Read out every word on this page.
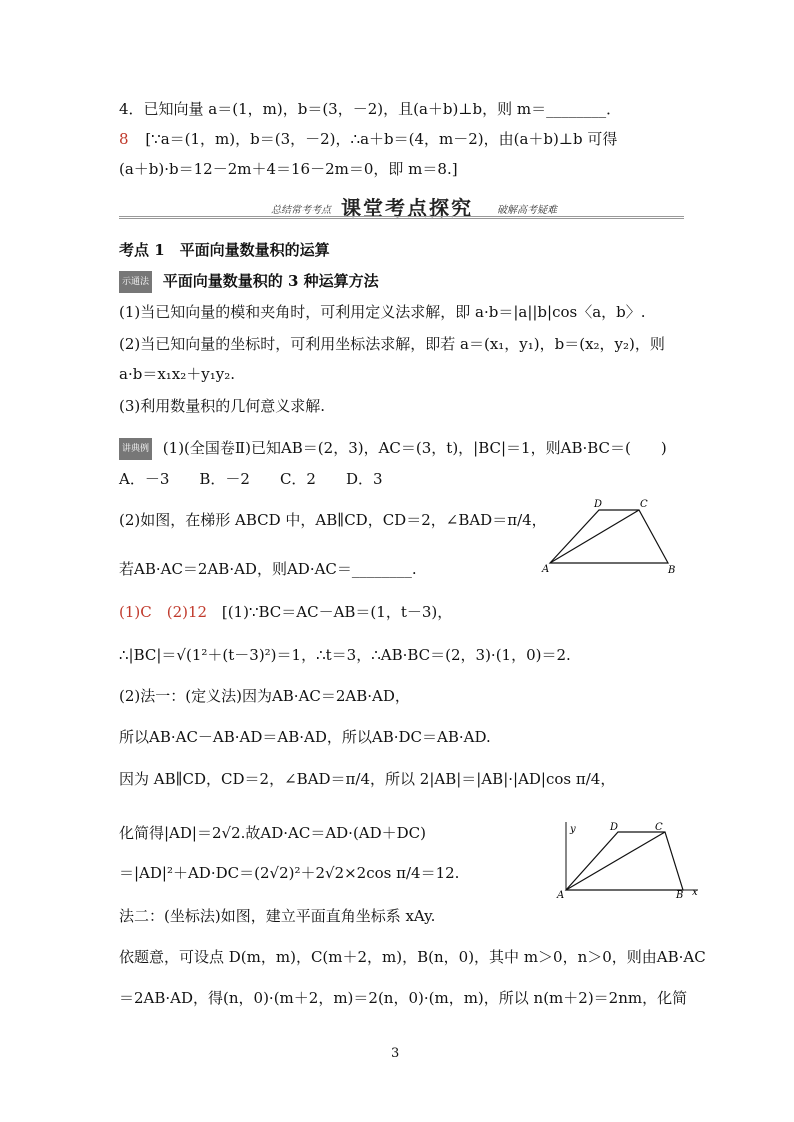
4．已知向量 a＝(1，m)，b＝(3，－2)，且(a＋b)⊥b，则 m＝________．
8 [∵a＝(1，m)，b＝(3，－2)，∴a＋b＝(4，m－2)，由(a＋b)⊥b 可得
(a＋b)·b＝12－2m＋4＝16－2m＝0，即 m＝8.]
总结常考考点 课堂考点探究 破解高考疑难
考点 1　平面向量数量积的运算
示通法 平面向量数量积的 3 种运算方法
(1)当已知向量的模和夹角时，可利用定义法求解，即 a·b＝|a||b|cos〈a，b〉.
(2)当已知向量的坐标时，可利用坐标法求解，即若 a＝(x₁，y₁)，b＝(x₂，y₂)，则
a·b＝x₁x₂＋y₁y₂.
(3)利用数量积的几何意义求解.
讲典例 (1)(全国卷Ⅱ)已知AB＝(2，3)，AC＝(3，t)，|BC|＝1，则AB·BC＝(　　)
A．－3　　B．－2　　C．2　　D．3
(2)如图，在梯形 ABCD 中，AB∥CD，CD＝2，∠BAD＝π/4，
若AB·AC＝2AB·AD，则AD·AC＝________.	A	B
C
D
(1)C　(2)12 [(1)∵BC＝AC－AB＝(1，t－3)，
∴|BC|＝√(1²＋(t－3)²)＝1，∴t＝3，∴AB·BC＝(2，3)·(1，0)＝2.
(2)法一：(定义法)因为AB·AC＝2AB·AD，
所以AB·AC－AB·AD＝AB·AD，所以AB·DC＝AB·AD.
因为 AB∥CD，CD＝2，∠BAD＝π/4，所以 2|AB|＝|AB|·|AD|cos π/4，
化简得|AD|＝2√2.故AD·AC＝AD·(AD＋DC)
＝|AD|²＋AD·DC＝(2√2)²＋2√2×2cos π/4＝12.
法二：(坐标法)如图，建立平面直角坐标系 xAy.
依题意，可设点 D(m，m)，C(m＋2，m)，B(n，0)，其中 m＞0，n＞0，则由AB·AC
＝2AB·AD，得(n，0)·(m＋2，m)＝2(n，0)·(m，m)，所以 n(m＋2)＝2nm，化简
y
x
A	B
C
D
3
